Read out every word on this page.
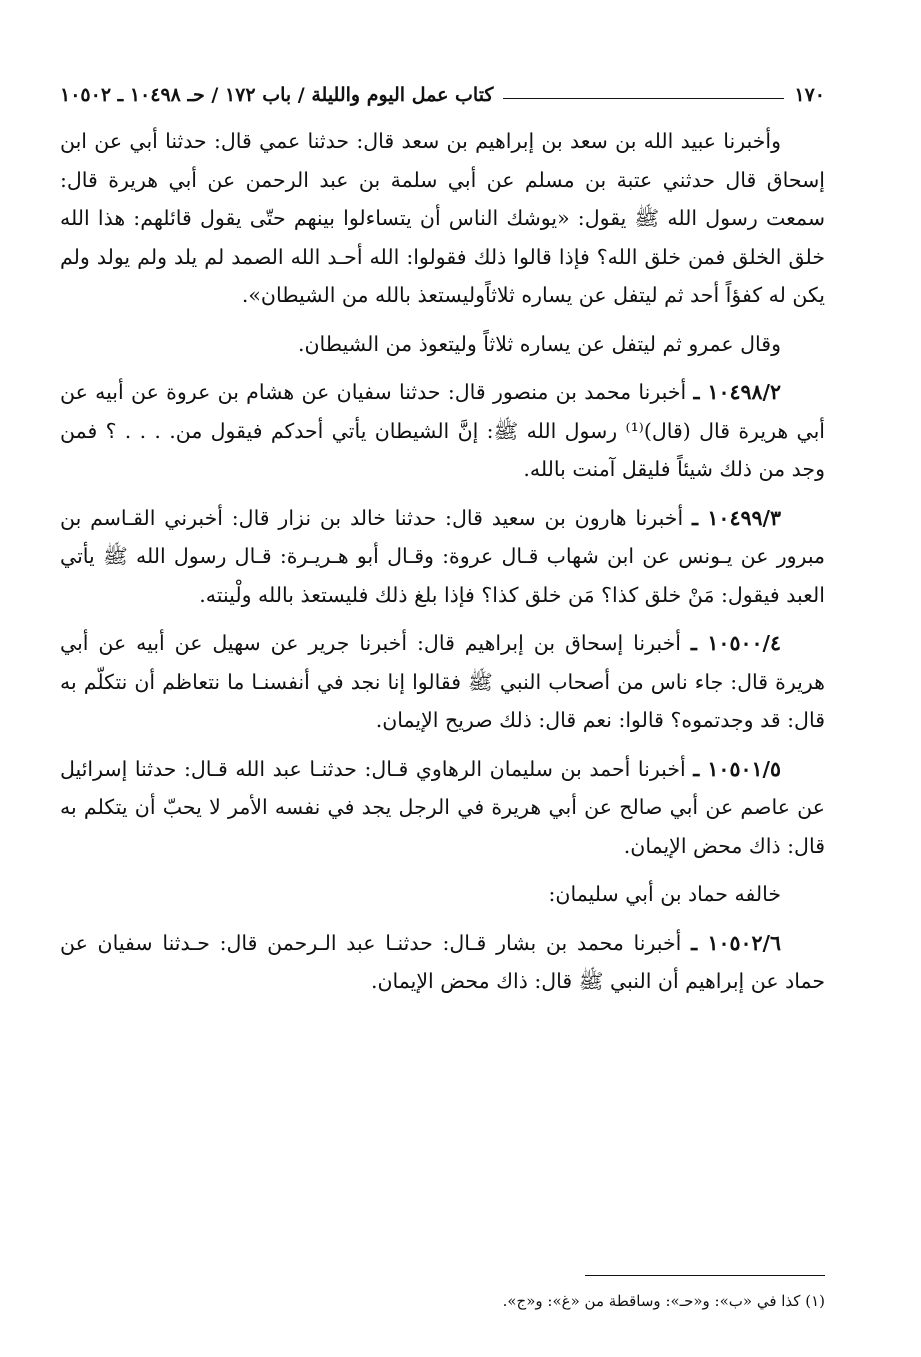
١٧٠
كتاب عمل اليوم والليلة / باب ١٧٢ / حـ ١٠٤٩٨ ـ ١٠٥٠٢

وأخبرنا عبيد الله بن سعد بن إبراهيم بن سعد قال: حدثنا عمي قال: حدثنا أبي عن ابن إسحاق قال حدثني عتبة بن مسلم عن أبي سلمة بن عبد الرحمن عن أبي هريرة قال: سمعت رسول الله ﷺ يقول: «يوشك الناس أن يتساءلوا بينهم حتّى يقول قائلهم: هذا الله خلق الخلق فمن خلق الله؟ فإذا قالوا ذلك فقولوا: الله أحـد الله الصمد لم يلد ولم يولد ولم يكن له كفؤاً أحد ثم ليتفل عن يساره ثلاثاًوليستعذ بالله من الشيطان».

وقال عمرو ثم ليتفل عن يساره ثلاثاً وليتعوذ من الشيطان.

١٠٤٩٨/٢ ـ أخبرنا محمد بن منصور قال: حدثنا سفيان عن هشام بن عروة عن أبيه عن أبي هريرة قال (قال)⁽¹⁾ رسول الله ﷺ: إنَّ الشيطان يأتي أحدكم فيقول من. . . . ؟ فمن وجد من ذلك شيئاً فليقل آمنت بالله.

١٠٤٩٩/٣ ـ أخبرنا هارون بن سعيد قال: حدثنا خالد بن نزار قال: أخبرني القـاسم بن مبرور عن يـونس عن ابن شهاب قـال عروة: وقـال أبو هـريـرة: قـال رسول الله ﷺ يأتي العبد فيقول: مَنْ خلق كذا؟ مَن خلق كذا؟ فإذا بلغ ذلك فليستعذ بالله ولْينته.

١٠٥٠٠/٤ ـ أخبرنا إسحاق بن إبراهيم قال: أخبرنا جرير عن سهيل عن أبيه عن أبي هريرة قال: جاء ناس من أصحاب النبي ﷺ فقالوا إنا نجد في أنفسنـا ما نتعاظم أن نتكلّم به قال: قد وجدتموه؟ قالوا: نعم قال: ذلك صريح الإيمان.

١٠٥٠١/٥ ـ أخبرنا أحمد بن سليمان الرهاوي قـال: حدثنـا عبد الله قـال: حدثنا إسرائيل عن عاصم عن أبي صالح عن أبي هريرة في الرجل يجد في نفسه الأمر لا يحبّ أن يتكلم به قال: ذاك محض الإيمان.

خالفه حماد بن أبي سليمان:

١٠٥٠٢/٦ ـ أخبرنا محمد بن بشار قـال: حدثنـا عبد الـرحمن قال: حـدثنا سفيان عن حماد عن إبراهيم أن النبي ﷺ قال: ذاك محض الإيمان.

(١) كذا في «ب»: و«حـ»: وساقطة من «غ»: و«ج».
